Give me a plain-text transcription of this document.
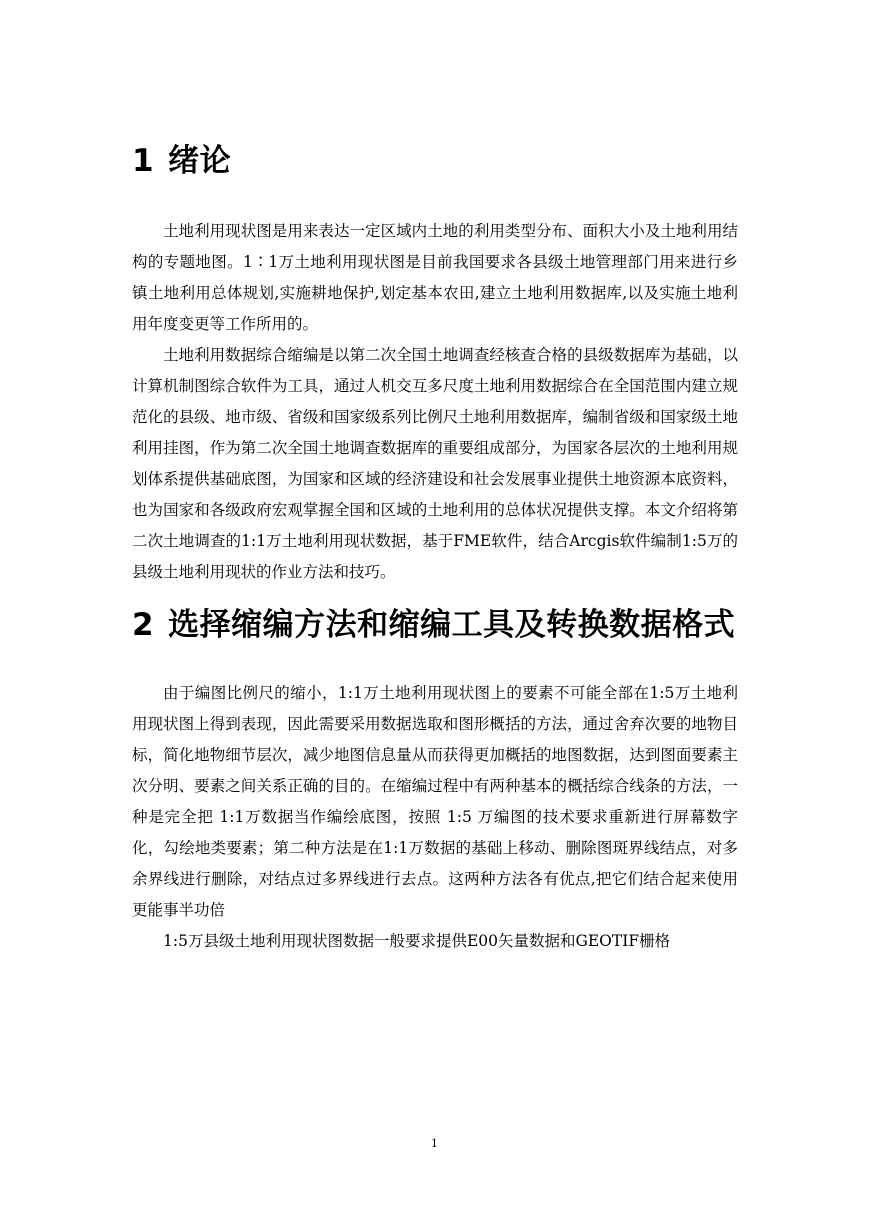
1 绪论

土地利用现状图是用来表达一定区域内土地的利用类型分布、面积大小及土地利用结构的专题地图。1∶1万土地利用现状图是目前我国要求各县级土地管理部门用来进行乡镇土地利用总体规划,实施耕地保护,划定基本农田,建立土地利用数据库,以及实施土地利用年度变更等工作所用的。

土地利用数据综合缩编是以第二次全国土地调查经核查合格的县级数据库为基础，以计算机制图综合软件为工具，通过人机交互多尺度土地利用数据综合在全国范围内建立规范化的县级、地市级、省级和国家级系列比例尺土地利用数据库，编制省级和国家级土地利用挂图，作为第二次全国土地调查数据库的重要组成部分，为国家各层次的土地利用规划体系提供基础底图，为国家和区域的经济建设和社会发展事业提供土地资源本底资料，也为国家和各级政府宏观掌握全国和区域的土地利用的总体状况提供支撑。本文介绍将第二次土地调查的1:1万土地利用现状数据，基于FME软件，结合Arcgis软件编制1:5万的县级土地利用现状的作业方法和技巧。

2 选择缩编方法和缩编工具及转换数据格式

由于编图比例尺的缩小，1:1万土地利用现状图上的要素不可能全部在1:5万土地利用现状图上得到表现，因此需要采用数据选取和图形概括的方法，通过舍弃次要的地物目标，简化地物细节层次，减少地图信息量从而获得更加概括的地图数据，达到图面要素主次分明、要素之间关系正确的目的。在缩编过程中有两种基本的概括综合线条的方法，一种是完全把 1:1万数据当作编绘底图，按照 1:5 万编图的技术要求重新进行屏幕数字化，勾绘地类要素；第二种方法是在1:1万数据的基础上移动、删除图斑界线结点，对多余界线进行删除，对结点过多界线进行去点。这两种方法各有优点,把它们结合起来使用更能事半功倍

1:5万县级土地利用现状图数据一般要求提供E00矢量数据和GEOTIF栅格

1
